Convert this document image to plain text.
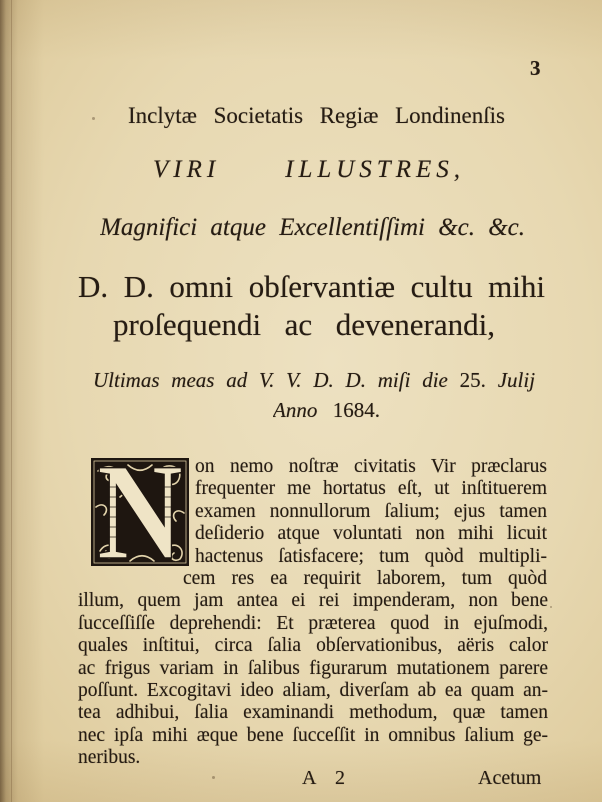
3
Inclytæ Societatis Regiæ Londinenſis
VIRI ILLUSTRES,
Magnifici atque Excellentiſſimi &c. &c.
D. D. omni obſervantiæ cultu mihi
proſequendi ac devenerandi,
Ultimas meas ad V. V. D. D. miſi die 25. Julij
Anno 1684.
N on nemo noſtræ civitatis Vir præclarus
frequenter me hortatus eſt, ut inſtituerem
examen nonnullorum ſalium; ejus tamen
deſiderio atque voluntati non mihi licuit
hactenus ſatisfacere; tum quòd multipli-
cem res ea requirit laborem, tum quòd
illum, quem jam antea ei rei impenderam, non bene
ſucceſſiſſe deprehendi: Et præterea quod in ejuſmodi,
quales inſtitui, circa ſalia obſervationibus, aëris calor
ac frigus variam in ſalibus figurarum mutationem parere
poſſunt. Excogitavi ideo aliam, diverſam ab ea quam an-
tea adhibui, ſalia examinandi methodum, quæ tamen
nec ipſa mihi æque bene ſucceſſit in omnibus ſalium ge-
neribus.
A 2	Acetum
